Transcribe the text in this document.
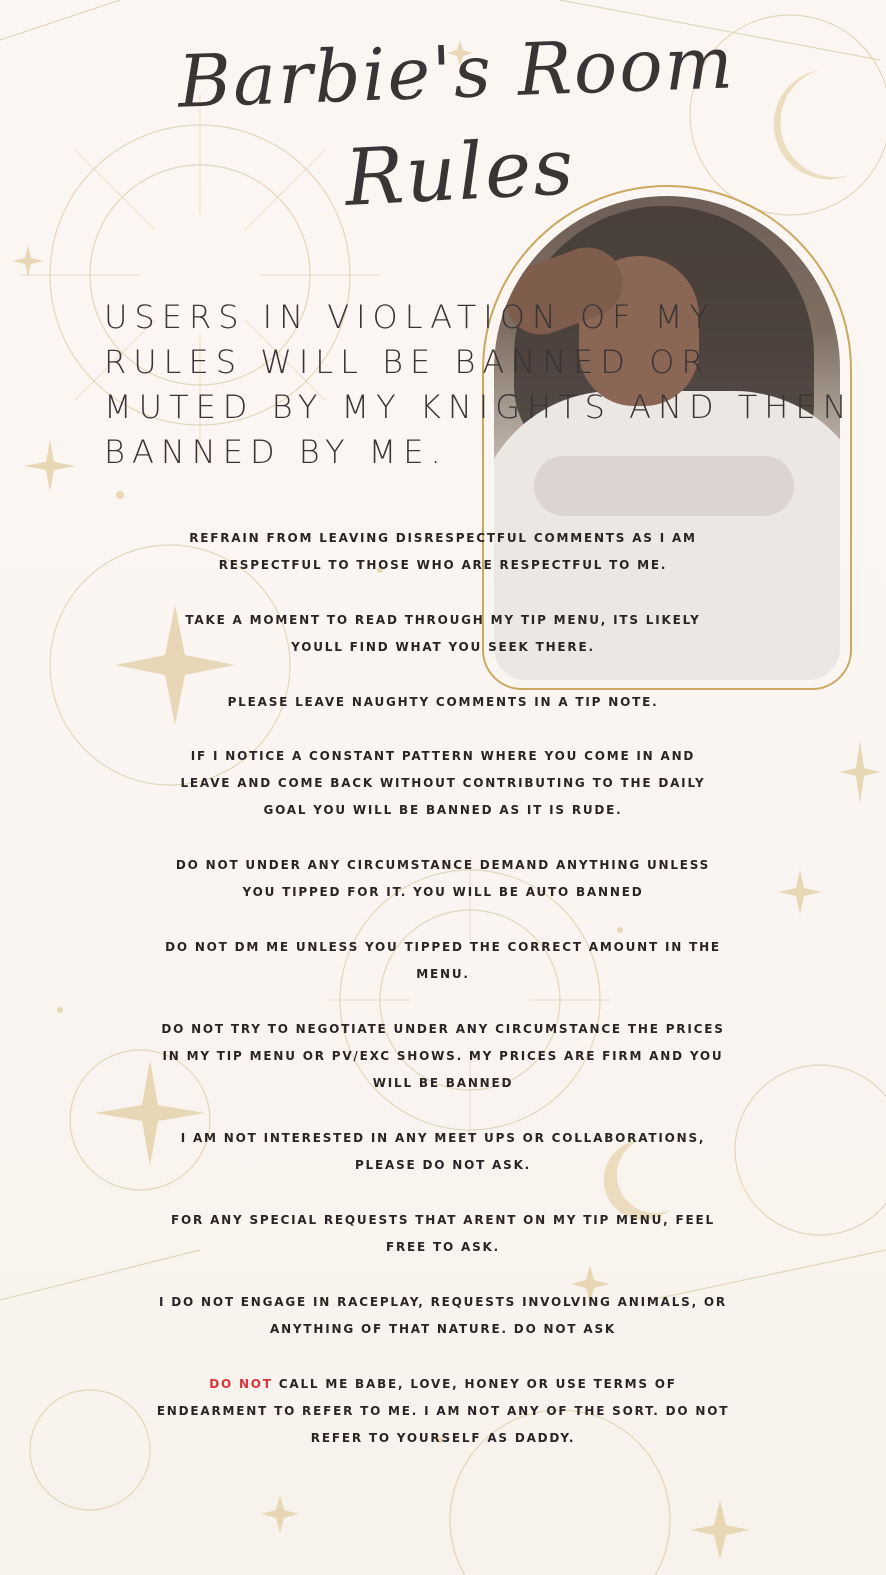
Barbie's Room
Rules
USERS IN VIOLATION OF MY
RULES WILL BE BANNED OR
MUTED BY MY KNIGHTS AND THEN
BANNED BY ME.
REFRAIN FROM LEAVING DISRESPECTFUL COMMENTS AS I AM
RESPECTFUL TO THOSE WHO ARE RESPECTFUL TO ME.
TAKE A MOMENT TO READ THROUGH MY TIP MENU, ITS LIKELY
YOULL FIND WHAT YOU SEEK THERE.
PLEASE LEAVE NAUGHTY COMMENTS IN A TIP NOTE.
IF I NOTICE A CONSTANT PATTERN WHERE YOU COME IN AND
LEAVE AND COME BACK WITHOUT CONTRIBUTING TO THE DAILY
GOAL YOU WILL BE BANNED AS IT IS RUDE.
DO NOT UNDER ANY CIRCUMSTANCE DEMAND ANYTHING UNLESS
YOU TIPPED FOR IT. YOU WILL BE AUTO BANNED
DO NOT DM ME UNLESS YOU TIPPED THE CORRECT AMOUNT IN THE
MENU.
DO NOT TRY TO NEGOTIATE UNDER ANY CIRCUMSTANCE THE PRICES
IN MY TIP MENU OR PV/EXC SHOWS. MY PRICES ARE FIRM AND YOU
WILL BE BANNED
I AM NOT INTERESTED IN ANY MEET UPS OR COLLABORATIONS,
PLEASE DO NOT ASK.
FOR ANY SPECIAL REQUESTS THAT ARENT ON MY TIP MENU, FEEL
FREE TO ASK.
I DO NOT ENGAGE IN RACEPLAY, REQUESTS INVOLVING ANIMALS, OR
ANYTHING OF THAT NATURE. DO NOT ASK
DO NOT CALL ME BABE, LOVE, HONEY OR USE TERMS OF
ENDEARMENT TO REFER TO ME. I AM NOT ANY OF THE SORT. DO NOT
REFER TO YOURSELF AS DADDY.
